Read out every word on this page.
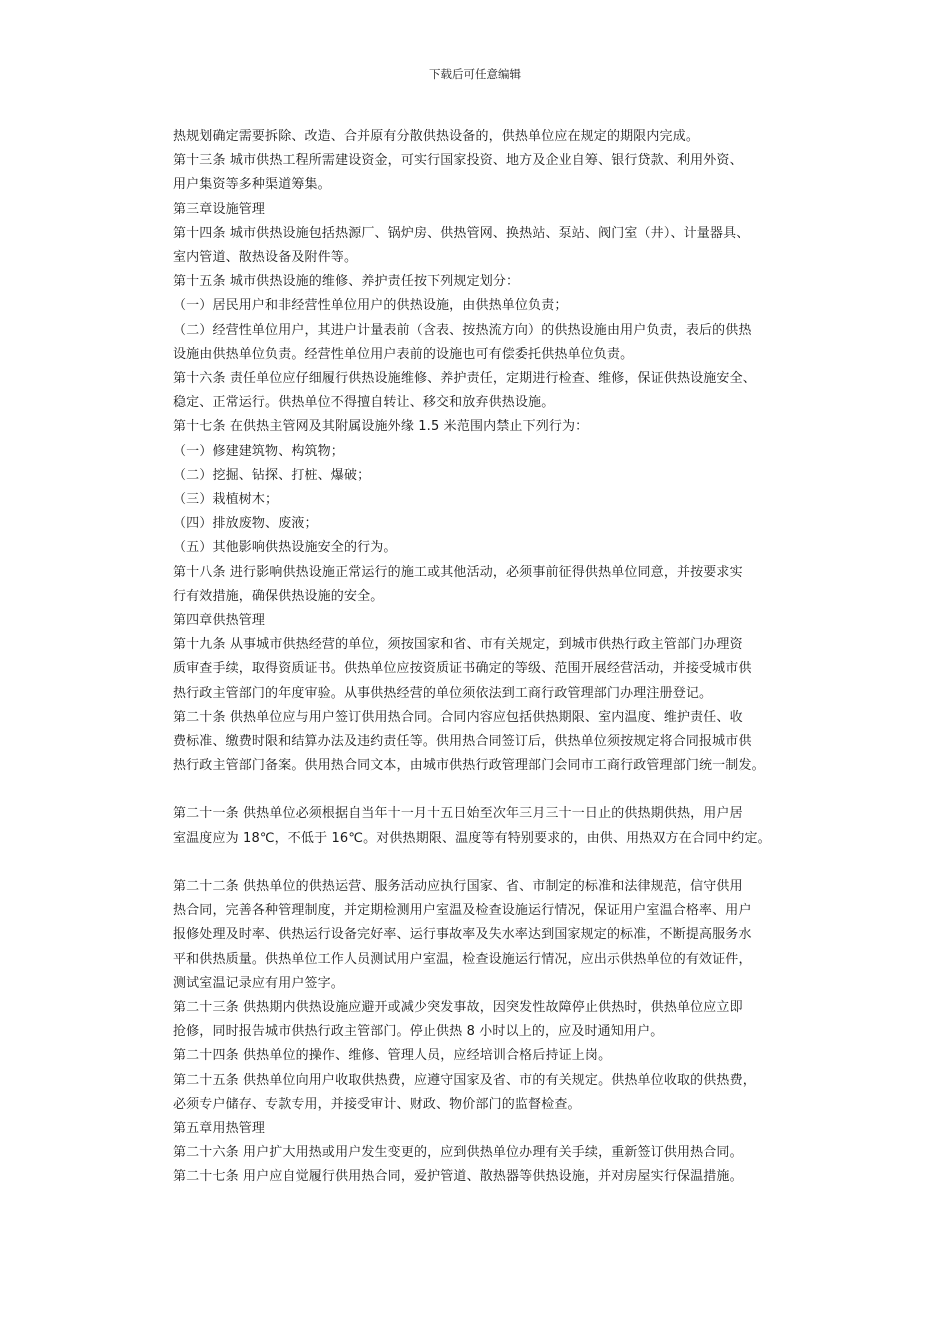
下载后可任意编辑
热规划确定需要拆除、改造、合并原有分散供热设备的，供热单位应在规定的期限内完成。
第十三条 城市供热工程所需建设资金，可实行国家投资、地方及企业自筹、银行贷款、利用外资、
用户集资等多种渠道筹集。
第三章设施管理
第十四条 城市供热设施包括热源厂、锅炉房、供热管网、换热站、泵站、阀门室（井）、计量器具、
室内管道、散热设备及附件等。
第十五条 城市供热设施的维修、养护责任按下列规定划分：
（一）居民用户和非经营性单位用户的供热设施，由供热单位负责；
（二）经营性单位用户，其进户计量表前（含表、按热流方向）的供热设施由用户负责，表后的供热
设施由供热单位负责。经营性单位用户表前的设施也可有偿委托供热单位负责。
第十六条 责任单位应仔细履行供热设施维修、养护责任，定期进行检查、维修，保证供热设施安全、
稳定、正常运行。供热单位不得擅自转让、移交和放弃供热设施。
第十七条 在供热主管网及其附属设施外缘 1.5 米范围内禁止下列行为：
（一）修建建筑物、构筑物；
（二）挖掘、钻探、打桩、爆破；
（三）栽植树木；
（四）排放废物、废液；
（五）其他影响供热设施安全的行为。
第十八条 进行影响供热设施正常运行的施工或其他活动，必须事前征得供热单位同意，并按要求实
行有效措施，确保供热设施的安全。
第四章供热管理
第十九条 从事城市供热经营的单位，须按国家和省、市有关规定，到城市供热行政主管部门办理资
质审查手续，取得资质证书。供热单位应按资质证书确定的等级、范围开展经营活动，并接受城市供
热行政主管部门的年度审验。从事供热经营的单位须依法到工商行政管理部门办理注册登记。
第二十条 供热单位应与用户签订供用热合同。合同内容应包括供热期限、室内温度、维护责任、收
费标准、缴费时限和结算办法及违约责任等。供用热合同签订后，供热单位须按规定将合同报城市供
热行政主管部门备案。供用热合同文本，由城市供热行政管理部门会同市工商行政管理部门统一制发。
第二十一条 供热单位必须根据自当年十一月十五日始至次年三月三十一日止的供热期供热，用户居
室温度应为 18℃，不低于 16℃。对供热期限、温度等有特别要求的，由供、用热双方在合同中约定。
第二十二条 供热单位的供热运营、服务活动应执行国家、省、市制定的标准和法律规范，信守供用
热合同，完善各种管理制度，并定期检测用户室温及检查设施运行情况，保证用户室温合格率、用户
报修处理及时率、供热运行设备完好率、运行事故率及失水率达到国家规定的标准，不断提高服务水
平和供热质量。供热单位工作人员测试用户室温，检查设施运行情况，应出示供热单位的有效证件，
测试室温记录应有用户签字。
第二十三条 供热期内供热设施应避开或减少突发事故，因突发性故障停止供热时，供热单位应立即
抢修，同时报告城市供热行政主管部门。停止供热 8 小时以上的，应及时通知用户。
第二十四条 供热单位的操作、维修、管理人员，应经培训合格后持证上岗。
第二十五条 供热单位向用户收取供热费，应遵守国家及省、市的有关规定。供热单位收取的供热费，
必须专户储存、专款专用，并接受审计、财政、物价部门的监督检查。
第五章用热管理
第二十六条 用户扩大用热或用户发生变更的，应到供热单位办理有关手续，重新签订供用热合同。
第二十七条 用户应自觉履行供用热合同，爱护管道、散热器等供热设施，并对房屋实行保温措施。
